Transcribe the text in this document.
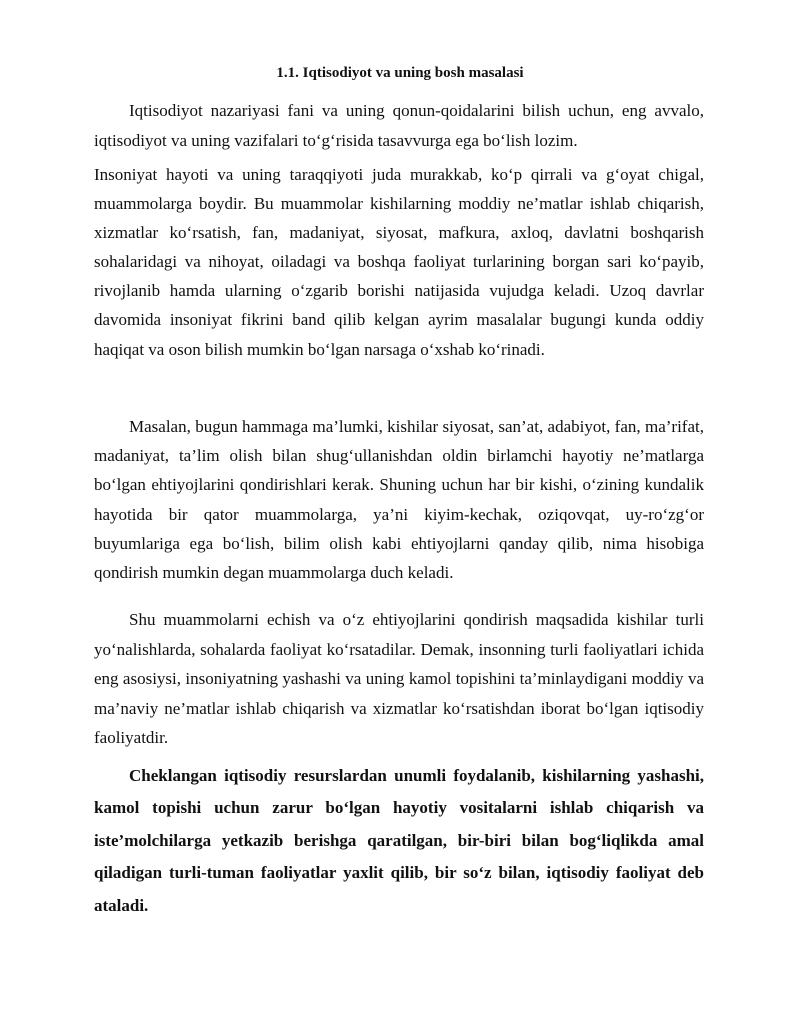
1.1. Iqtisodiyot va uning bosh masalasi

Iqtisodiyot nazariyasi fani va uning qonun-qoidalarini bilish uchun, eng avvalo, iqtisodiyot va uning vazifalari to‘g‘risida tasavvurga ega bo‘lish lozim.

Insoniyat hayoti va uning taraqqiyoti juda murakkab, ko‘p qirrali va g‘oyat chigal, muammolarga boydir. Bu muammolar kishilarning moddiy ne’matlar ishlab chiqarish, xizmatlar ko‘rsatish, fan, madaniyat, siyosat, mafkura, axloq, davlatni boshqarish sohalaridagi va nihoyat, oiladagi va boshqa faoliyat turlarining borgan sari ko‘payib, rivojlanib hamda ularning o‘zgarib borishi natijasida vujudga keladi. Uzoq davrlar davomida insoniyat fikrini band qilib kelgan ayrim masalalar bugungi kunda oddiy haqiqat va oson bilish mumkin bo‘lgan narsaga o‘xshab ko‘rinadi.

Masalan, bugun hammaga ma’lumki, kishilar siyosat, san’at, adabiyot, fan, ma’rifat, madaniyat, ta’lim olish bilan shug‘ullanishdan oldin birlamchi hayotiy ne’matlarga bo‘lgan ehtiyojlarini qondirishlari kerak. Shuning uchun har bir kishi, o‘zining kundalik hayotida bir qator muammolarga, ya’ni kiyim-kechak, oziqovqat, uy-ro‘zg‘or buyumlariga ega bo‘lish, bilim olish kabi ehtiyojlarni qanday qilib, nima hisobiga qondirish mumkin degan muammolarga duch keladi.

Shu muammolarni echish va o‘z ehtiyojlarini qondirish maqsadida kishilar turli yo‘nalishlarda, sohalarda faoliyat ko‘rsatadilar. Demak, insonning turli faoliyatlari ichida eng asosiysi, insoniyatning yashashi va uning kamol topishini ta’minlaydigani moddiy va ma’naviy ne’matlar ishlab chiqarish va xizmatlar ko‘rsatishdan iborat bo‘lgan iqtisodiy faoliyatdir.

Cheklangan iqtisodiy resurslardan unumli foydalanib, kishilarning yashashi, kamol topishi uchun zarur bo‘lgan hayotiy vositalarni ishlab chiqarish va iste’molchilarga yetkazib berishga qaratilgan, bir-biri bilan bog‘liqlikda amal qiladigan turli-tuman faoliyatlar yaxlit qilib, bir so‘z bilan, iqtisodiy faoliyat deb ataladi.
